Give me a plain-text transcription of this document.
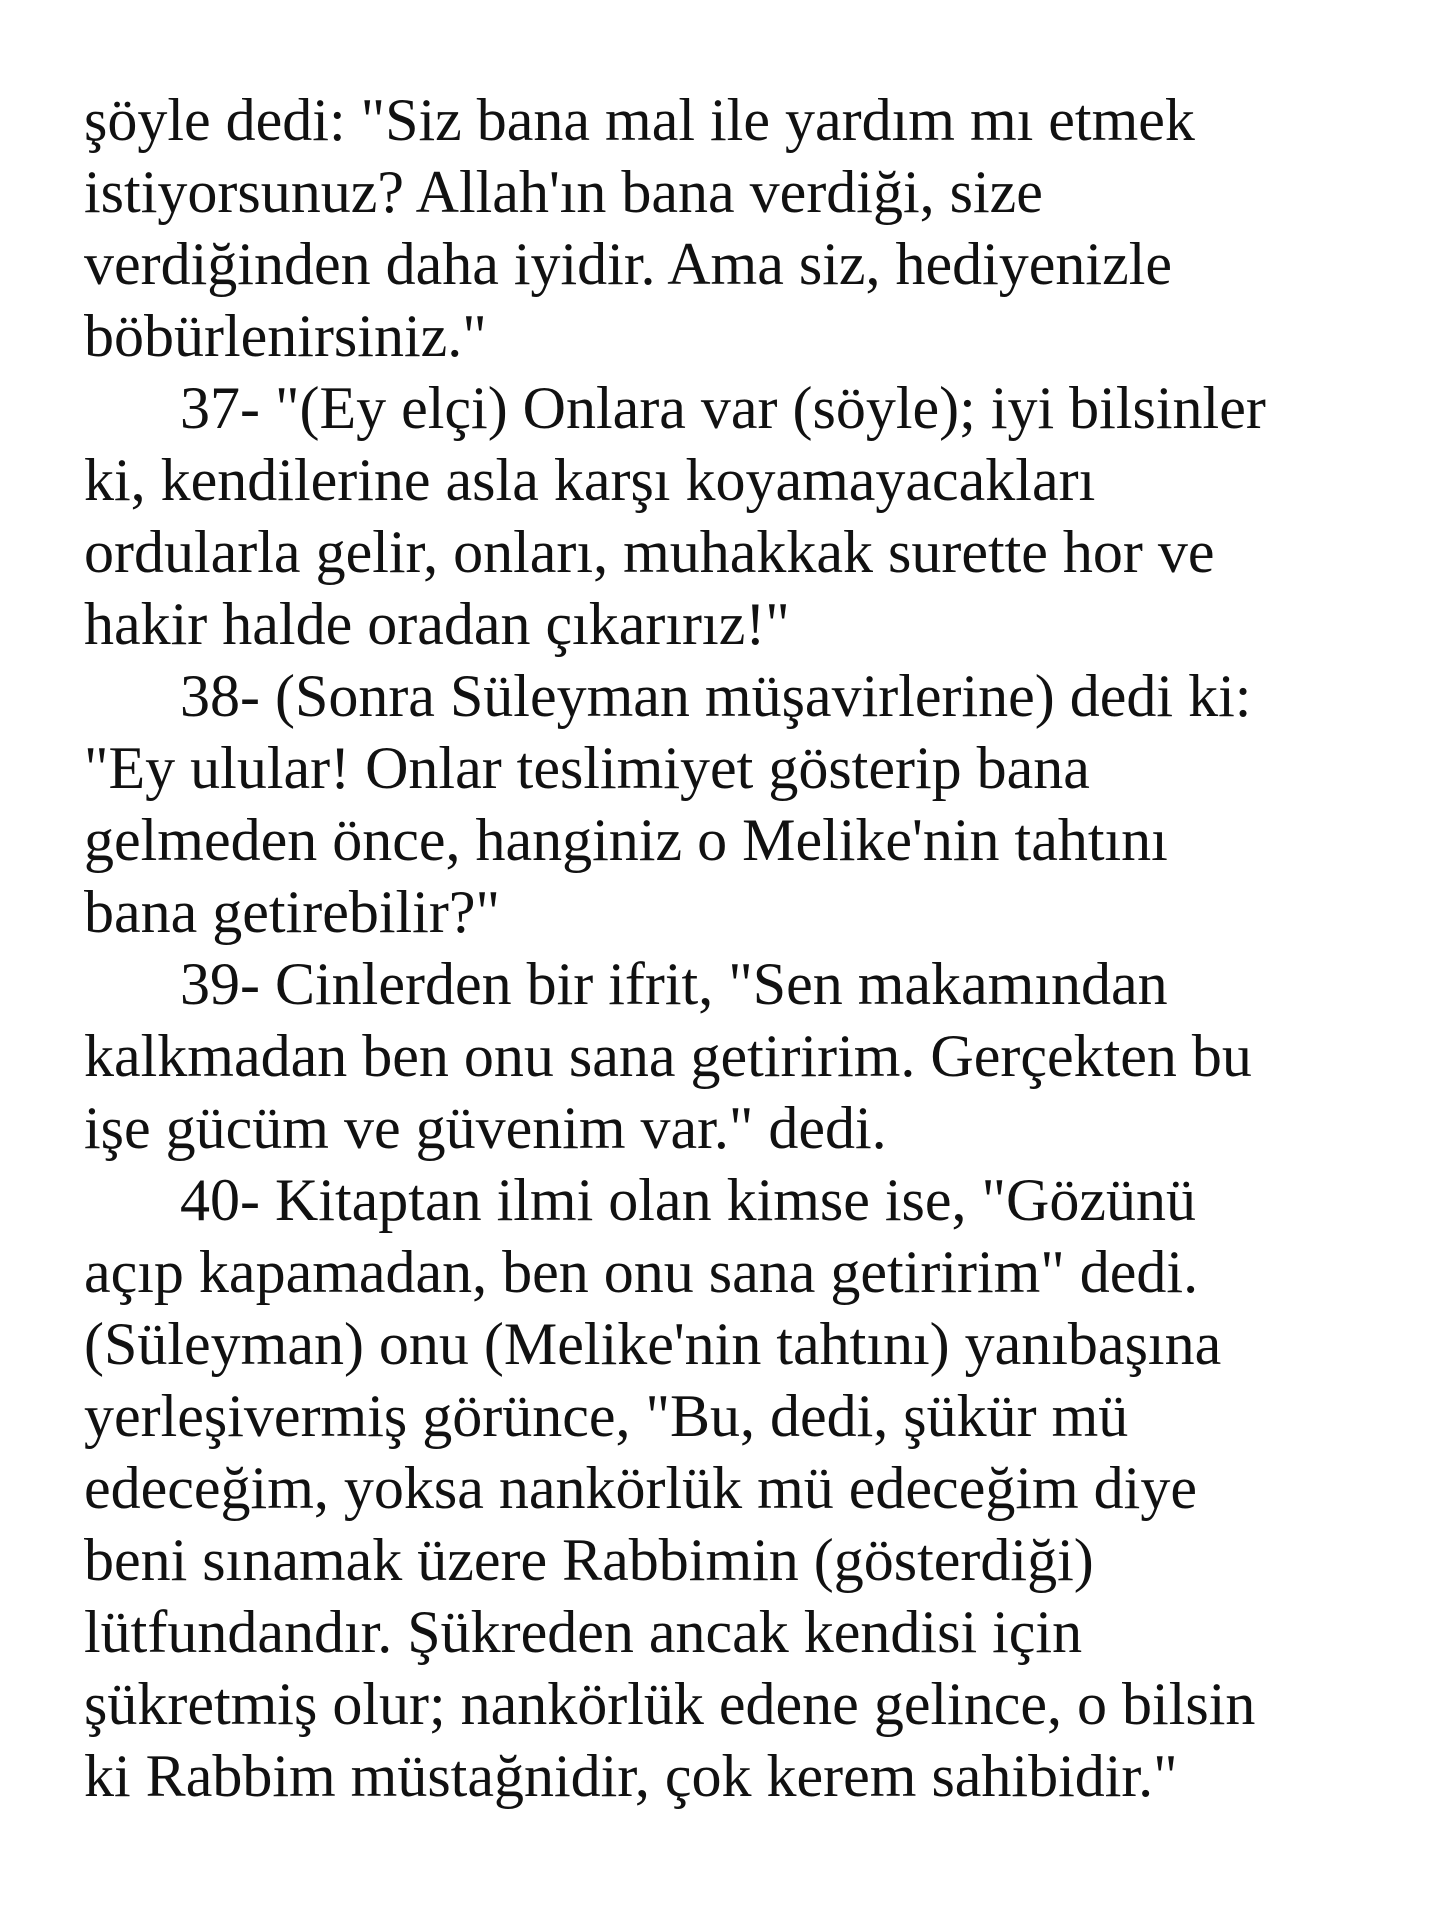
şöyle dedi: "Siz bana mal ile yardım mı etmek
istiyorsunuz? Allah'ın bana verdiği, size
verdiğinden daha iyidir. Ama siz, hediyenizle
böbürlenirsiniz."
37- "(Ey elçi) Onlara var (söyle); iyi bilsinler
ki, kendilerine asla karşı koyamayacakları
ordularla gelir, onları, muhakkak surette hor ve
hakir halde oradan çıkarırız!"
38- (Sonra Süleyman müşavirlerine) dedi ki:
"Ey ulular! Onlar teslimiyet gösterip bana
gelmeden önce, hanginiz o Melike'nin tahtını
bana getirebilir?"
39- Cinlerden bir ifrit, "Sen makamından
kalkmadan ben onu sana getiririm. Gerçekten bu
işe gücüm ve güvenim var." dedi.
40- Kitaptan ilmi olan kimse ise, "Gözünü
açıp kapamadan, ben onu sana getiririm" dedi.
(Süleyman) onu (Melike'nin tahtını) yanıbaşına
yerleşivermiş görünce, "Bu, dedi, şükür mü
edeceğim, yoksa nankörlük mü edeceğim diye
beni sınamak üzere Rabbimin (gösterdiği)
lütfundandır. Şükreden ancak kendisi için
şükretmiş olur; nankörlük edene gelince, o bilsin
ki Rabbim müstağnidir, çok kerem sahibidir."
